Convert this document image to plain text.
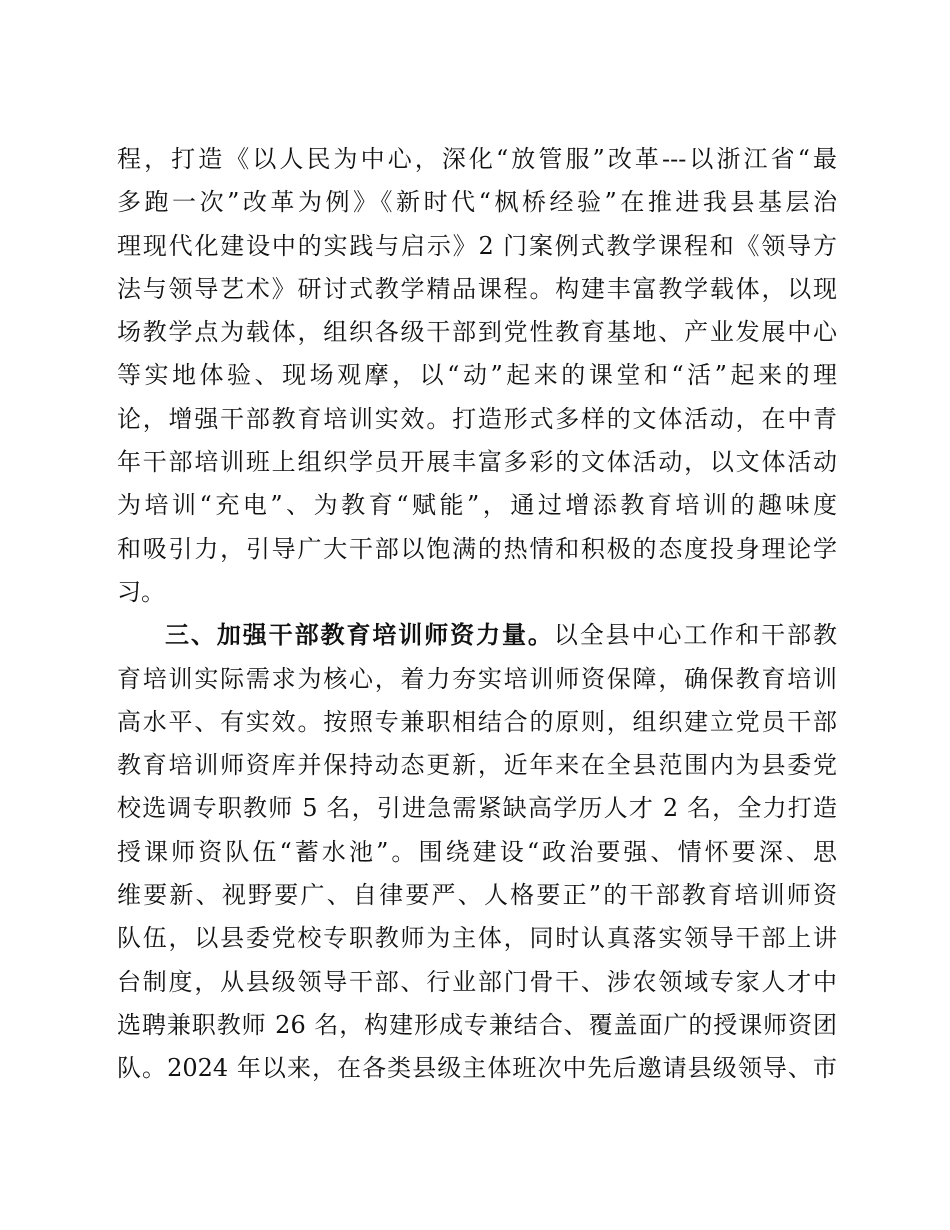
程，打造《以人民为中心，深化“放管服”改革---以浙江省“最
多跑一次”改革为例》《新时代“枫桥经验”在推进我县基层治
理现代化建设中的实践与启示》2 门案例式教学课程和《领导方
法与领导艺术》研讨式教学精品课程。构建丰富教学载体，以现
场教学点为载体，组织各级干部到党性教育基地、产业发展中心
等实地体验、现场观摩，以“动”起来的课堂和“活”起来的理
论，增强干部教育培训实效。打造形式多样的文体活动，在中青
年干部培训班上组织学员开展丰富多彩的文体活动，以文体活动
为培训“充电”、为教育“赋能”，通过增添教育培训的趣味度
和吸引力，引导广大干部以饱满的热情和积极的态度投身理论学
习。
三、加强干部教育培训师资力量。以全县中心工作和干部教
育培训实际需求为核心，着力夯实培训师资保障，确保教育培训
高水平、有实效。按照专兼职相结合的原则，组织建立党员干部
教育培训师资库并保持动态更新，近年来在全县范围内为县委党
校选调专职教师 5 名，引进急需紧缺高学历人才 2 名，全力打造
授课师资队伍“蓄水池”。围绕建设“政治要强、情怀要深、思
维要新、视野要广、自律要严、人格要正”的干部教育培训师资
队伍，以县委党校专职教师为主体，同时认真落实领导干部上讲
台制度，从县级领导干部、行业部门骨干、涉农领域专家人才中
选聘兼职教师 26 名，构建形成专兼结合、覆盖面广的授课师资团
队。2024 年以来，在各类县级主体班次中先后邀请县级领导、市
